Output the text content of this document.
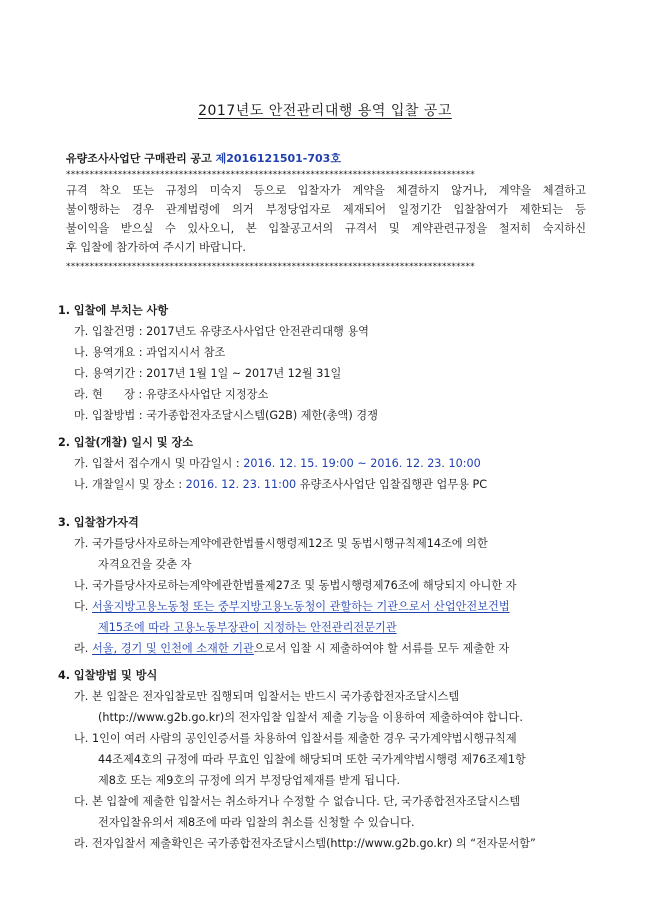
2017년도 안전관리대행 용역 입찰 공고
유량조사사업단 구매관리 공고 제2016121501-703호
***************************************************************************************
규격 착오 또는 규정의 미숙지 등으로 입찰자가 계약을 체결하지 않거나, 계약을 체결하고
불이행하는 경우 관계법령에 의거 부정당업자로 제재되어 일정기간 입찰참여가 제한되는 등
불이익을 받으실 수 있사오니, 본 입찰공고서의 규격서 및 계약관련규정을 철저히 숙지하신
후 입찰에 참가하여 주시기 바랍니다.
***************************************************************************************
1. 입찰에 부치는 사항
가. 입찰건명 : 2017년도 유량조사사업단 안전관리대행 용역
나. 용역개요 : 과업지시서 참조
다. 용역기간 : 2017년 1월 1일 ~ 2017년 12월 31일
라. 현      장 : 유량조사사업단 지정장소
마. 입찰방법 : 국가종합전자조달시스템(G2B) 제한(총액) 경쟁
2. 입찰(개찰) 일시 및 장소
가. 입찰서 접수개시 및 마감일시 : 2016. 12. 15. 19:00 ~ 2016. 12. 23. 10:00
나. 개찰일시 및 장소 : 2016. 12. 23. 11:00 유량조사사업단 입찰집행관 업무용 PC
3. 입찰참가자격
가. 국가를당사자로하는계약에관한법률시행령제12조 및 동법시행규칙제14조에 의한
자격요건을 갖춘 자
나. 국가를당사자로하는계약에관한법률제27조 및 동법시행령제76조에 해당되지 아니한 자
다. 서울지방고용노동청 또는 중부지방고용노동청이 관할하는 기관으로서 산업안전보건법
제15조에 따라 고용노동부장관이 지정하는 안전관리전문기관
라. 서울, 경기 및 인천에 소재한 기관으로서 입찰 시 제출하여야 할 서류를 모두 제출한 자
4. 입찰방법 및 방식
가. 본 입찰은 전자입찰로만 집행되며 입찰서는 반드시 국가종합전자조달시스템
(http://www.g2b.go.kr)의 전자입찰 입찰서 제출 기능을 이용하여 제출하여야 합니다.
나. 1인이 여러 사람의 공인인증서를 차용하여 입찰서를 제출한 경우 국가계약법시행규칙제
44조제4호의 규정에 따라 무효인 입찰에 해당되며 또한 국가계약법시행령 제76조제1항
제8호 또는 제9호의 규정에 의거 부정당업제재를 받게 됩니다.
다. 본 입찰에 제출한 입찰서는 취소하거나 수정할 수 없습니다. 단, 국가종합전자조달시스템
전자입찰유의서 제8조에 따라 입찰의 취소를 신청할 수 있습니다.
라. 전자입찰서 제출확인은 국가종합전자조달시스템(http://www.g2b.go.kr) 의 “전자문서함”
